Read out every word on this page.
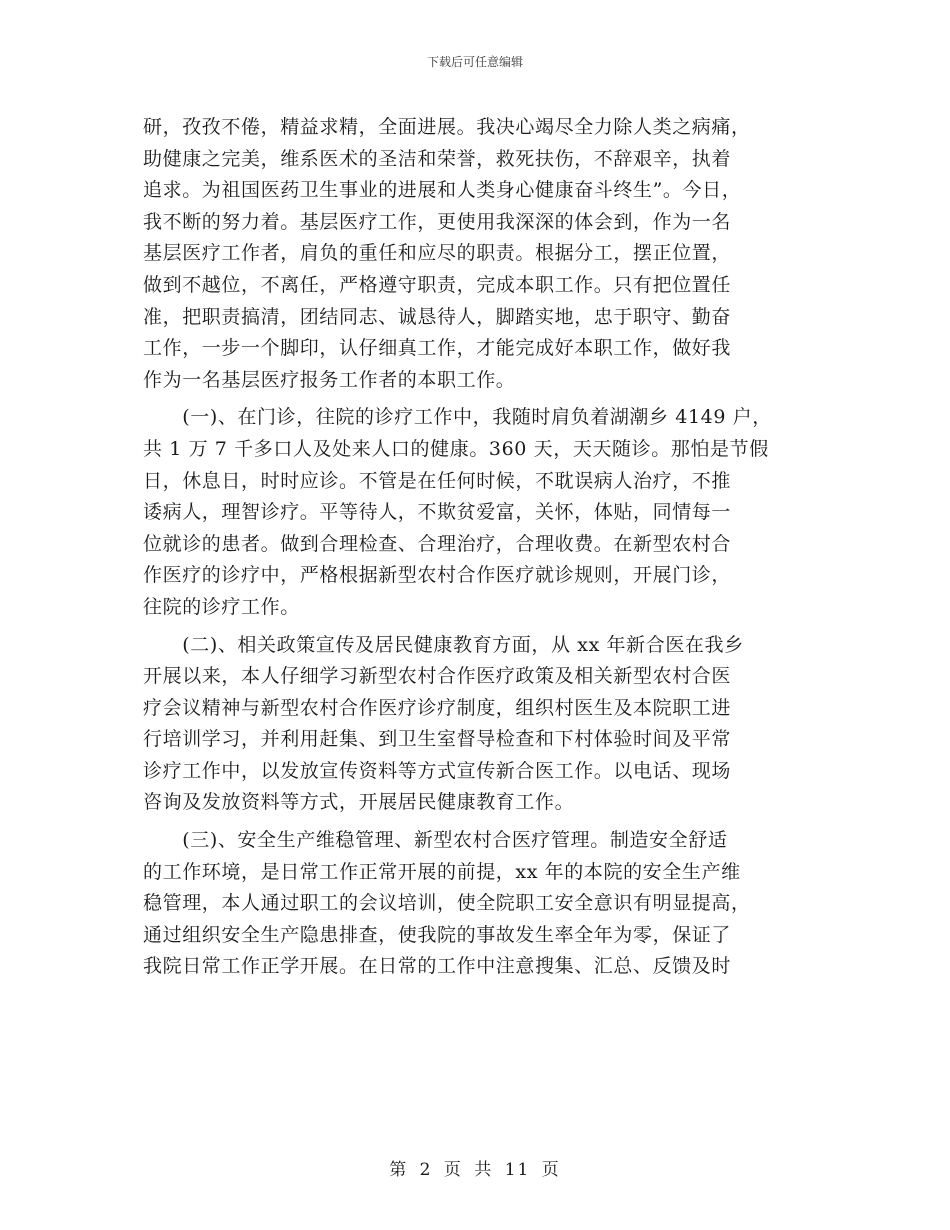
下载后可任意编辑
研，孜孜不倦，精益求精，全面进展。我决心竭尽全力除人类之病痛，
助健康之完美，维系医术的圣洁和荣誉，救死扶伤，不辞艰辛，执着
追求。为祖国医药卫生事业的进展和人类身心健康奋斗终生”。今日，
我不断的努力着。基层医疗工作，更使用我深深的体会到，作为一名
基层医疗工作者，肩负的重任和应尽的职责。根据分工，摆正位置，
做到不越位，不离任，严格遵守职责，完成本职工作。只有把位置任
准，把职责搞清，团结同志、诚恳待人，脚踏实地，忠于职守、勤奋
工作，一步一个脚印，认仔细真工作，才能完成好本职工作，做好我
作为一名基层医疗报务工作者的本职工作。
　　(一)、在门诊，往院的诊疗工作中，我随时肩负着湖潮乡 4149 户，
共 1 万 7 千多口人及处来人口的健康。360 天，天天随诊。那怕是节假
日，休息日，时时应诊。不管是在任何时候，不耽误病人治疗，不推
诿病人，理智诊疗。平等待人，不欺贫爱富，关怀，体贴，同情每一
位就诊的患者。做到合理检查、合理治疗，合理收费。在新型农村合
作医疗的诊疗中，严格根据新型农村合作医疗就诊规则，开展门诊，
往院的诊疗工作。
　　(二)、相关政策宣传及居民健康教育方面，从 xx 年新合医在我乡
开展以来，本人仔细学习新型农村合作医疗政策及相关新型农村合医
疗会议精神与新型农村合作医疗诊疗制度，组织村医生及本院职工进
行培训学习，并利用赶集、到卫生室督导检查和下村体验时间及平常
诊疗工作中，以发放宣传资料等方式宣传新合医工作。以电话、现场
咨询及发放资料等方式，开展居民健康教育工作。
　　(三)、安全生产维稳管理、新型农村合医疗管理。制造安全舒适
的工作环境，是日常工作正常开展的前提，xx 年的本院的安全生产维
稳管理，本人通过职工的会议培训，使全院职工安全意识有明显提高，
通过组织安全生产隐患排查，使我院的事故发生率全年为零，保证了
我院日常工作正学开展。在日常的工作中注意搜集、汇总、反馈及时
第 2 页 共 11 页
